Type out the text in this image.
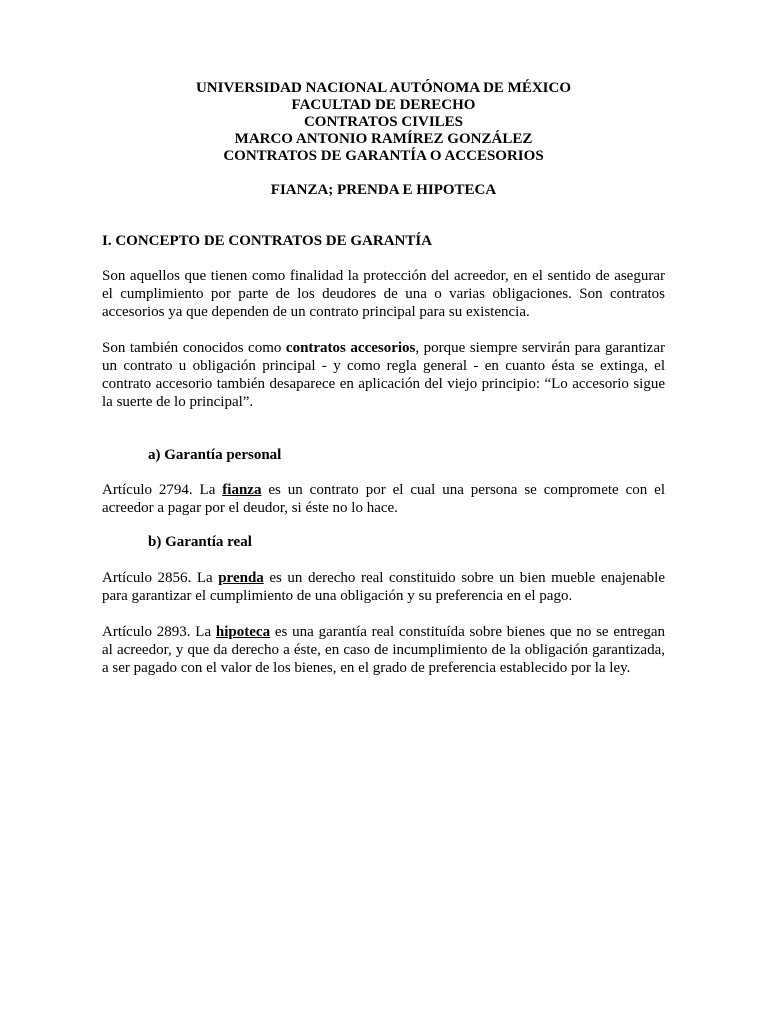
UNIVERSIDAD NACIONAL AUTÓNOMA DE MÉXICO
FACULTAD DE DERECHO
CONTRATOS CIVILES
MARCO ANTONIO RAMÍREZ GONZÁLEZ
CONTRATOS DE GARANTÍA O ACCESORIOS
FIANZA; PRENDA E HIPOTECA
I. CONCEPTO DE CONTRATOS DE GARANTÍA

Son aquellos que tienen como finalidad la protección del acreedor, en el sentido de asegurar el cumplimiento por parte de los deudores de una o varias obligaciones. Son contratos accesorios ya que dependen de un contrato principal para su existencia.

Son también conocidos como contratos accesorios, porque siempre servirán para garantizar un contrato u obligación principal - y como regla general - en cuanto ésta se extinga, el contrato accesorio también desaparece en aplicación del viejo principio: “Lo accesorio sigue la suerte de lo principal”.

a) Garantía personal

Artículo 2794. La fianza es un contrato por el cual una persona se compromete con el acreedor a pagar por el deudor, si éste no lo hace.

b) Garantía real

Artículo 2856. La prenda es un derecho real constituido sobre un bien mueble enajenable para garantizar el cumplimiento de una obligación y su preferencia en el pago.

Artículo 2893. La hipoteca es una garantía real constituída sobre bienes que no se entregan al acreedor, y que da derecho a éste, en caso de incumplimiento de la obligación garantizada, a ser pagado con el valor de los bienes, en el grado de preferencia establecido por la ley.
